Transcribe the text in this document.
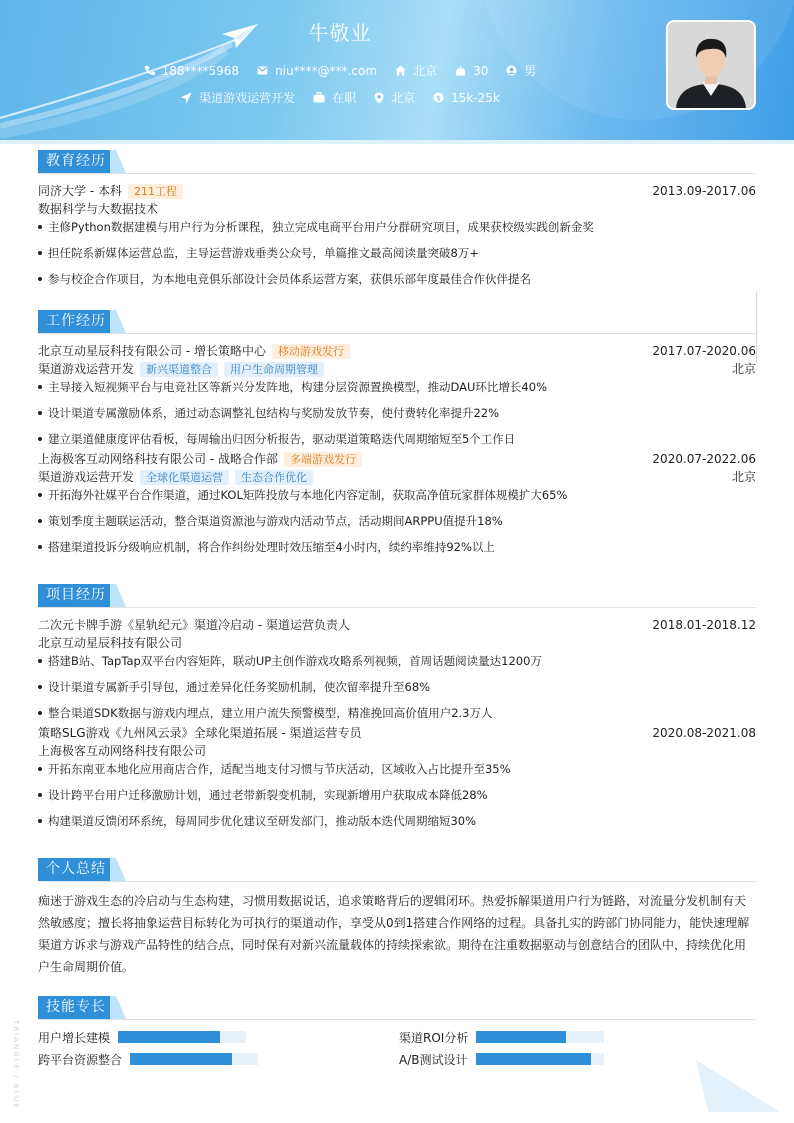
牛敬业
188****5968	niu****@***.com	北京	30	男
渠道游戏运营开发	在职	北京	$ 15k-25k
教育经历
同济大学 - 本科	211工程	2013.09-2017.06
数据科学与大数据技术
主修Python数据建模与用户行为分析课程，独立完成电商平台用户分群研究项目，成果获校级实践创新金奖
担任院系新媒体运营总监，主导运营游戏垂类公众号，单篇推文最高阅读量突破8万+
参与校企合作项目，为本地电竞俱乐部设计会员体系运营方案，获俱乐部年度最佳合作伙伴提名
工作经历
北京互动星辰科技有限公司 - 增长策略中心	移动游戏发行	2017.07-2020.06
渠道游戏运营开发	新兴渠道整合	用户生命周期管理	北京
主导接入短视频平台与电竞社区等新兴分发阵地，构建分层资源置换模型，推动DAU环比增长40%
设计渠道专属激励体系，通过动态调整礼包结构与奖励发放节奏，使付费转化率提升22%
建立渠道健康度评估看板，每周输出归因分析报告，驱动渠道策略迭代周期缩短至5个工作日
上海极客互动网络科技有限公司 - 战略合作部	多端游戏发行	2020.07-2022.06
渠道游戏运营开发	全球化渠道运营	生态合作优化	北京
开拓海外社媒平台合作渠道，通过KOL矩阵投放与本地化内容定制，获取高净值玩家群体规模扩大65%
策划季度主题联运活动，整合渠道资源池与游戏内活动节点，活动期间ARPPU值提升18%
搭建渠道投诉分级响应机制，将合作纠纷处理时效压缩至4小时内，续约率维持92%以上
项目经历
二次元卡牌手游《星轨纪元》渠道冷启动 - 渠道运营负责人	2018.01-2018.12
北京互动星辰科技有限公司
搭建B站、TapTap双平台内容矩阵，联动UP主创作游戏攻略系列视频，首周话题阅读量达1200万
设计渠道专属新手引导包，通过差异化任务奖励机制，使次留率提升至68%
整合渠道SDK数据与游戏内埋点，建立用户流失预警模型，精准挽回高价值用户2.3万人
策略SLG游戏《九州风云录》全球化渠道拓展 - 渠道运营专员	2020.08-2021.08
上海极客互动网络科技有限公司
开拓东南亚本地化应用商店合作，适配当地支付习惯与节庆活动，区域收入占比提升至35%
设计跨平台用户迁移激励计划，通过老带新裂变机制，实现新增用户获取成本降低28%
构建渠道反馈闭环系统，每周同步优化建议至研发部门，推动版本迭代周期缩短30%
个人总结

痴迷于游戏生态的冷启动与生态构建，习惯用数据说话，追求策略背后的逻辑闭环。热爱拆解渠道用户行为链路，对流量分发机制有天然敏感度；擅长将抽象运营目标转化为可执行的渠道动作，享受从0到1搭建合作网络的过程。具备扎实的跨部门协同能力，能快速理解渠道方诉求与游戏产品特性的结合点，同时保有对新兴流量载体的持续探索欲。期待在注重数据驱动与创意结合的团队中，持续优化用户生命周期价值。

技能专长
用户增长建模	渠道ROI分析
跨平台资源整合	A/B测试设计
TRIANGLE / BLUE
